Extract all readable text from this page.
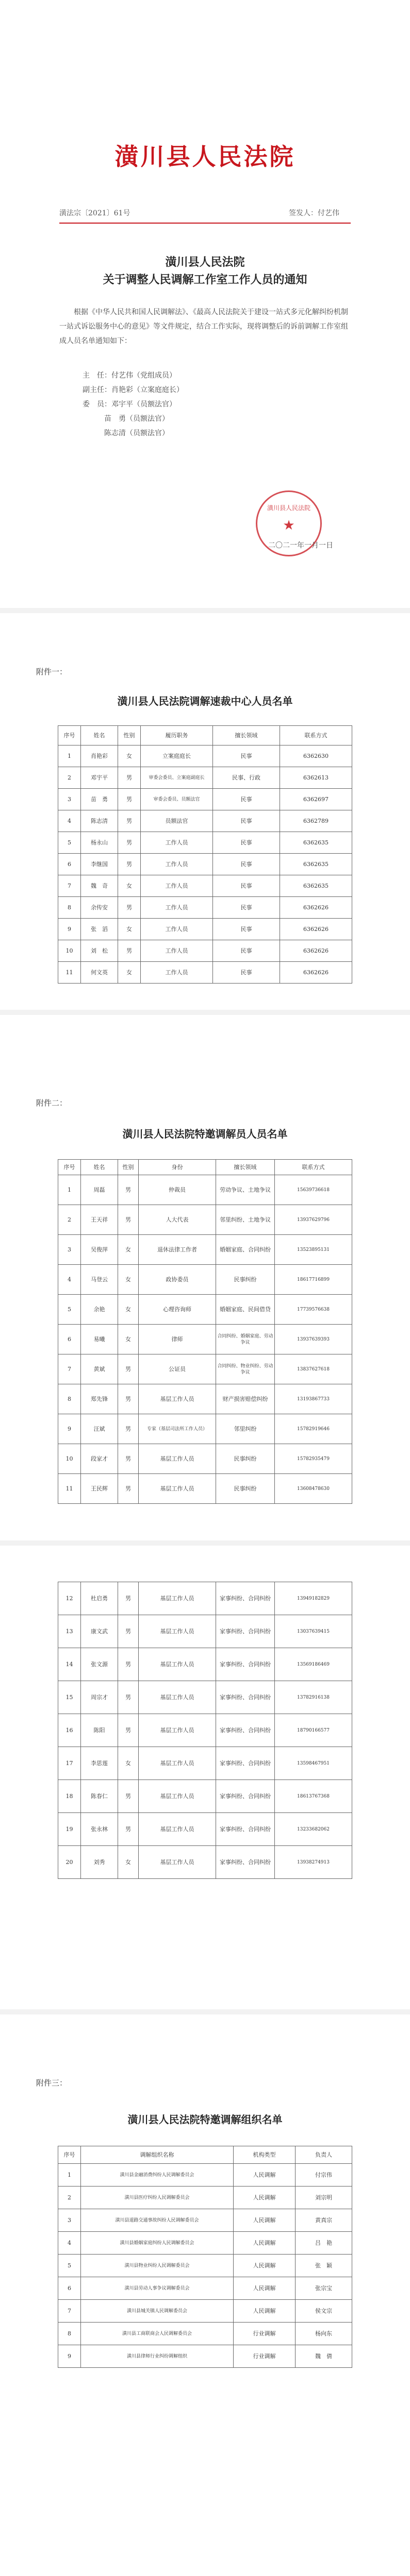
潢川县人民法院
潢法宗〔2021〕61号	签发人：付艺伟
潢川县人民法院
关于调整人民调解工作室工作人员的通知
根据《中华人民共和国人民调解法》、《最高人民法院关于建设一站式多元化解纠纷机制一站式诉讼服务中心的意见》等文件规定，结合工作实际，现将调整后的诉前调解工作室组成人员名单通知如下：
主　任：付艺伟（党组成员）
副主任：肖艳彩（立案庭庭长）
委　员：邓宇平（员额法官）
苗　勇（员额法官）
陈志清（员额法官）
潢川县人民法院
★
二〇二一年一月一日
附件一：
潢川县人民法院调解速裁中心人员名单
序号	姓名	性别	履历职务	擅长领域	联系方式
1	肖艳彩	女	立案庭庭长	民事	6362630
2	邓宇平	男	审委会委员、立案庭副庭长	民事、行政	6362613
3	苗　勇	男	审委会委员、员额法官	民事	6362697
4	陈志清	男	员额法官	民事	6362789
5	杨永山	男	工作人员	民事	6362635
6	李继国	男	工作人员	民事	6362635
7	魏　奇	女	工作人员	民事	6362635
8	余传安	男	工作人员	民事	6362626
9	张　滔	女	工作人员	民事	6362626
10	刘　松	男	工作人员	民事	6362626
11	何文英	女	工作人员	民事	6362626
附件二：
潢川县人民法院特邀调解员人员名单
序号	姓名	性别	身份	擅长领域	联系方式
1	周磊	男	仲裁员	劳动争议、土地争议	15639736618
2	王天祥	男	人大代表	邻里纠纷、土地争议	13937629796
3	吴俊萍	女	退休法律工作者	婚姻家庭、合同纠纷	13523895131
4	马登云	女	政协委员	民事纠纷	18617716899
5	余艳	女	心理咨询师	婚姻家庭、民间借贷	17739576638
6	易曦	女	律师	合同纠纷、婚姻家庭、劳动争议	13937639393
7	黄斌	男	公证员	合同纠纷、物业纠纷、劳动争议	13837627618
8	郑先锋	男	基层工作人员	财产损害赔偿纠纷	13193867733
9	汪斌	男	专家（基层司法所工作人员）	邻里纠纷	15782919646
10	段家才	男	基层工作人员	民事纠纷	15782935479
11	王民辉	男	基层工作人员	民事纠纷	13608478630
12	杜启勇	男	基层工作人员	家事纠纷、合同纠纷	13949182829
13	康文武	男	基层工作人员	家事纠纷、合同纠纷	13037639415
14	张文源	男	基层工作人员	家事纠纷、合同纠纷	13569186469
15	周宗才	男	基层工作人员	家事纠纷、合同纠纷	13782916138
16	陈阳	男	基层工作人员	家事纠纷、合同纠纷	18790166577
17	李思莲	女	基层工作人员	家事纠纷、合同纠纷	13598467951
18	陈春仁	男	基层工作人员	家事纠纷、合同纠纷	18613767368
19	张永林	男	基层工作人员	家事纠纷、合同纠纷	13233682062
20	刘秀	女	基层工作人员	家事纠纷、合同纠纷	13938274913
附件三：
潢川县人民法院特邀调解组织名单
序号	调解组织名称	机构类型	负责人
1	潢川县金融消费纠纷人民调解委员会	人民调解	付宗伟
2	潢川县医疗纠纷人民调解委员会	人民调解	刘宗明
3	潢川县道路交通事故纠纷人民调解委员会	人民调解	黄真宗
4	潢川县婚姻家庭纠纷人民调解委员会	人民调解	吕　艳
5	潢川县物业纠纷人民调解委员会	人民调解	张　颖
6	潢川县劳动人事争议调解委员会	人民调解	张宗宝
7	潢川县城关镇人民调解委员会	人民调解	侯文宗
8	潢川县工商联商会人民调解委员会	行业调解	杨向东
9	潢川县律师行业纠纷调解组织	行业调解	魏　倩
